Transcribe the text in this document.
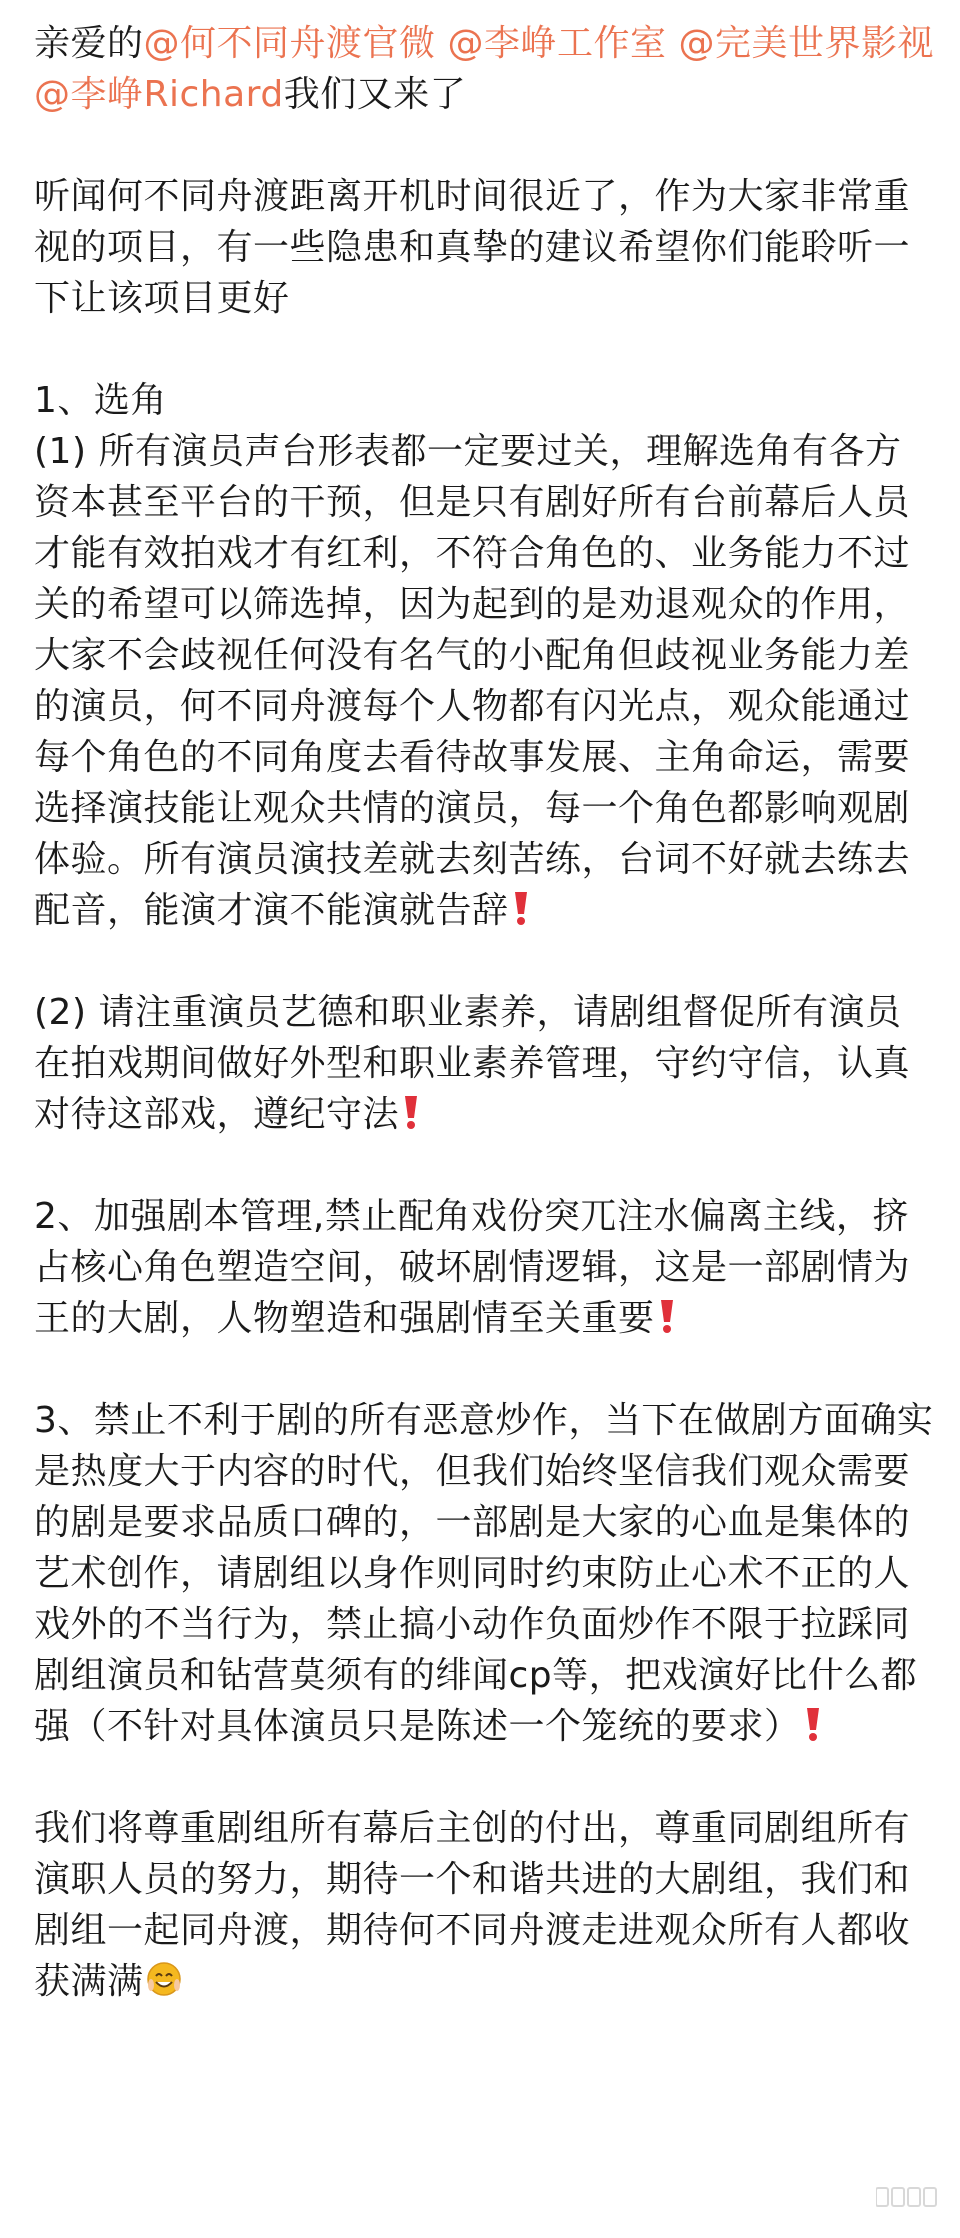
亲爱的@何不同舟渡官微 @李峥工作室 @完美世界影视 @李峥Richard我们又来了

听闻何不同舟渡距离开机时间很近了，作为大家非常重视的项目，有一些隐患和真挚的建议希望你们能聆听一下让该项目更好

1、选角

(1) 所有演员声台形表都一定要过关，理解选角有各方资本甚至平台的干预，但是只有剧好所有台前幕后人员才能有效拍戏才有红利，不符合角色的、业务能力不过关的希望可以筛选掉，因为起到的是劝退观众的作用，大家不会歧视任何没有名气的小配角但歧视业务能力差的演员，何不同舟渡每个人物都有闪光点，观众能通过每个角色的不同角度去看待故事发展、主角命运，需要选择演技能让观众共情的演员，每一个角色都影响观剧体验。所有演员演技差就去刻苦练，台词不好就去练去配音，能演才演不能演就告辞

(2) 请注重演员艺德和职业素养，请剧组督促所有演员在拍戏期间做好外型和职业素养管理，守约守信，认真对待这部戏，遵纪守法

2、加强剧本管理,禁止配角戏份突兀注水偏离主线，挤占核心角色塑造空间，破坏剧情逻辑，这是一部剧情为王的大剧，人物塑造和强剧情至关重要

3、禁止不利于剧的所有恶意炒作，当下在做剧方面确实是热度大于内容的时代，但我们始终坚信我们观众需要的剧是要求品质口碑的，一部剧是大家的心血是集体的艺术创作，请剧组以身作则同时约束防止心术不正的人戏外的不当行为，禁止搞小动作负面炒作不限于拉踩同剧组演员和钻营莫须有的绯闻cp等，把戏演好比什么都强（不针对具体演员只是陈述一个笼统的要求）

我们将尊重剧组所有幕后主创的付出，尊重同剧组所有演职人员的努力，期待一个和谐共进的大剧组，我们和剧组一起同舟渡，期待何不同舟渡走进观众所有人都收获满满
